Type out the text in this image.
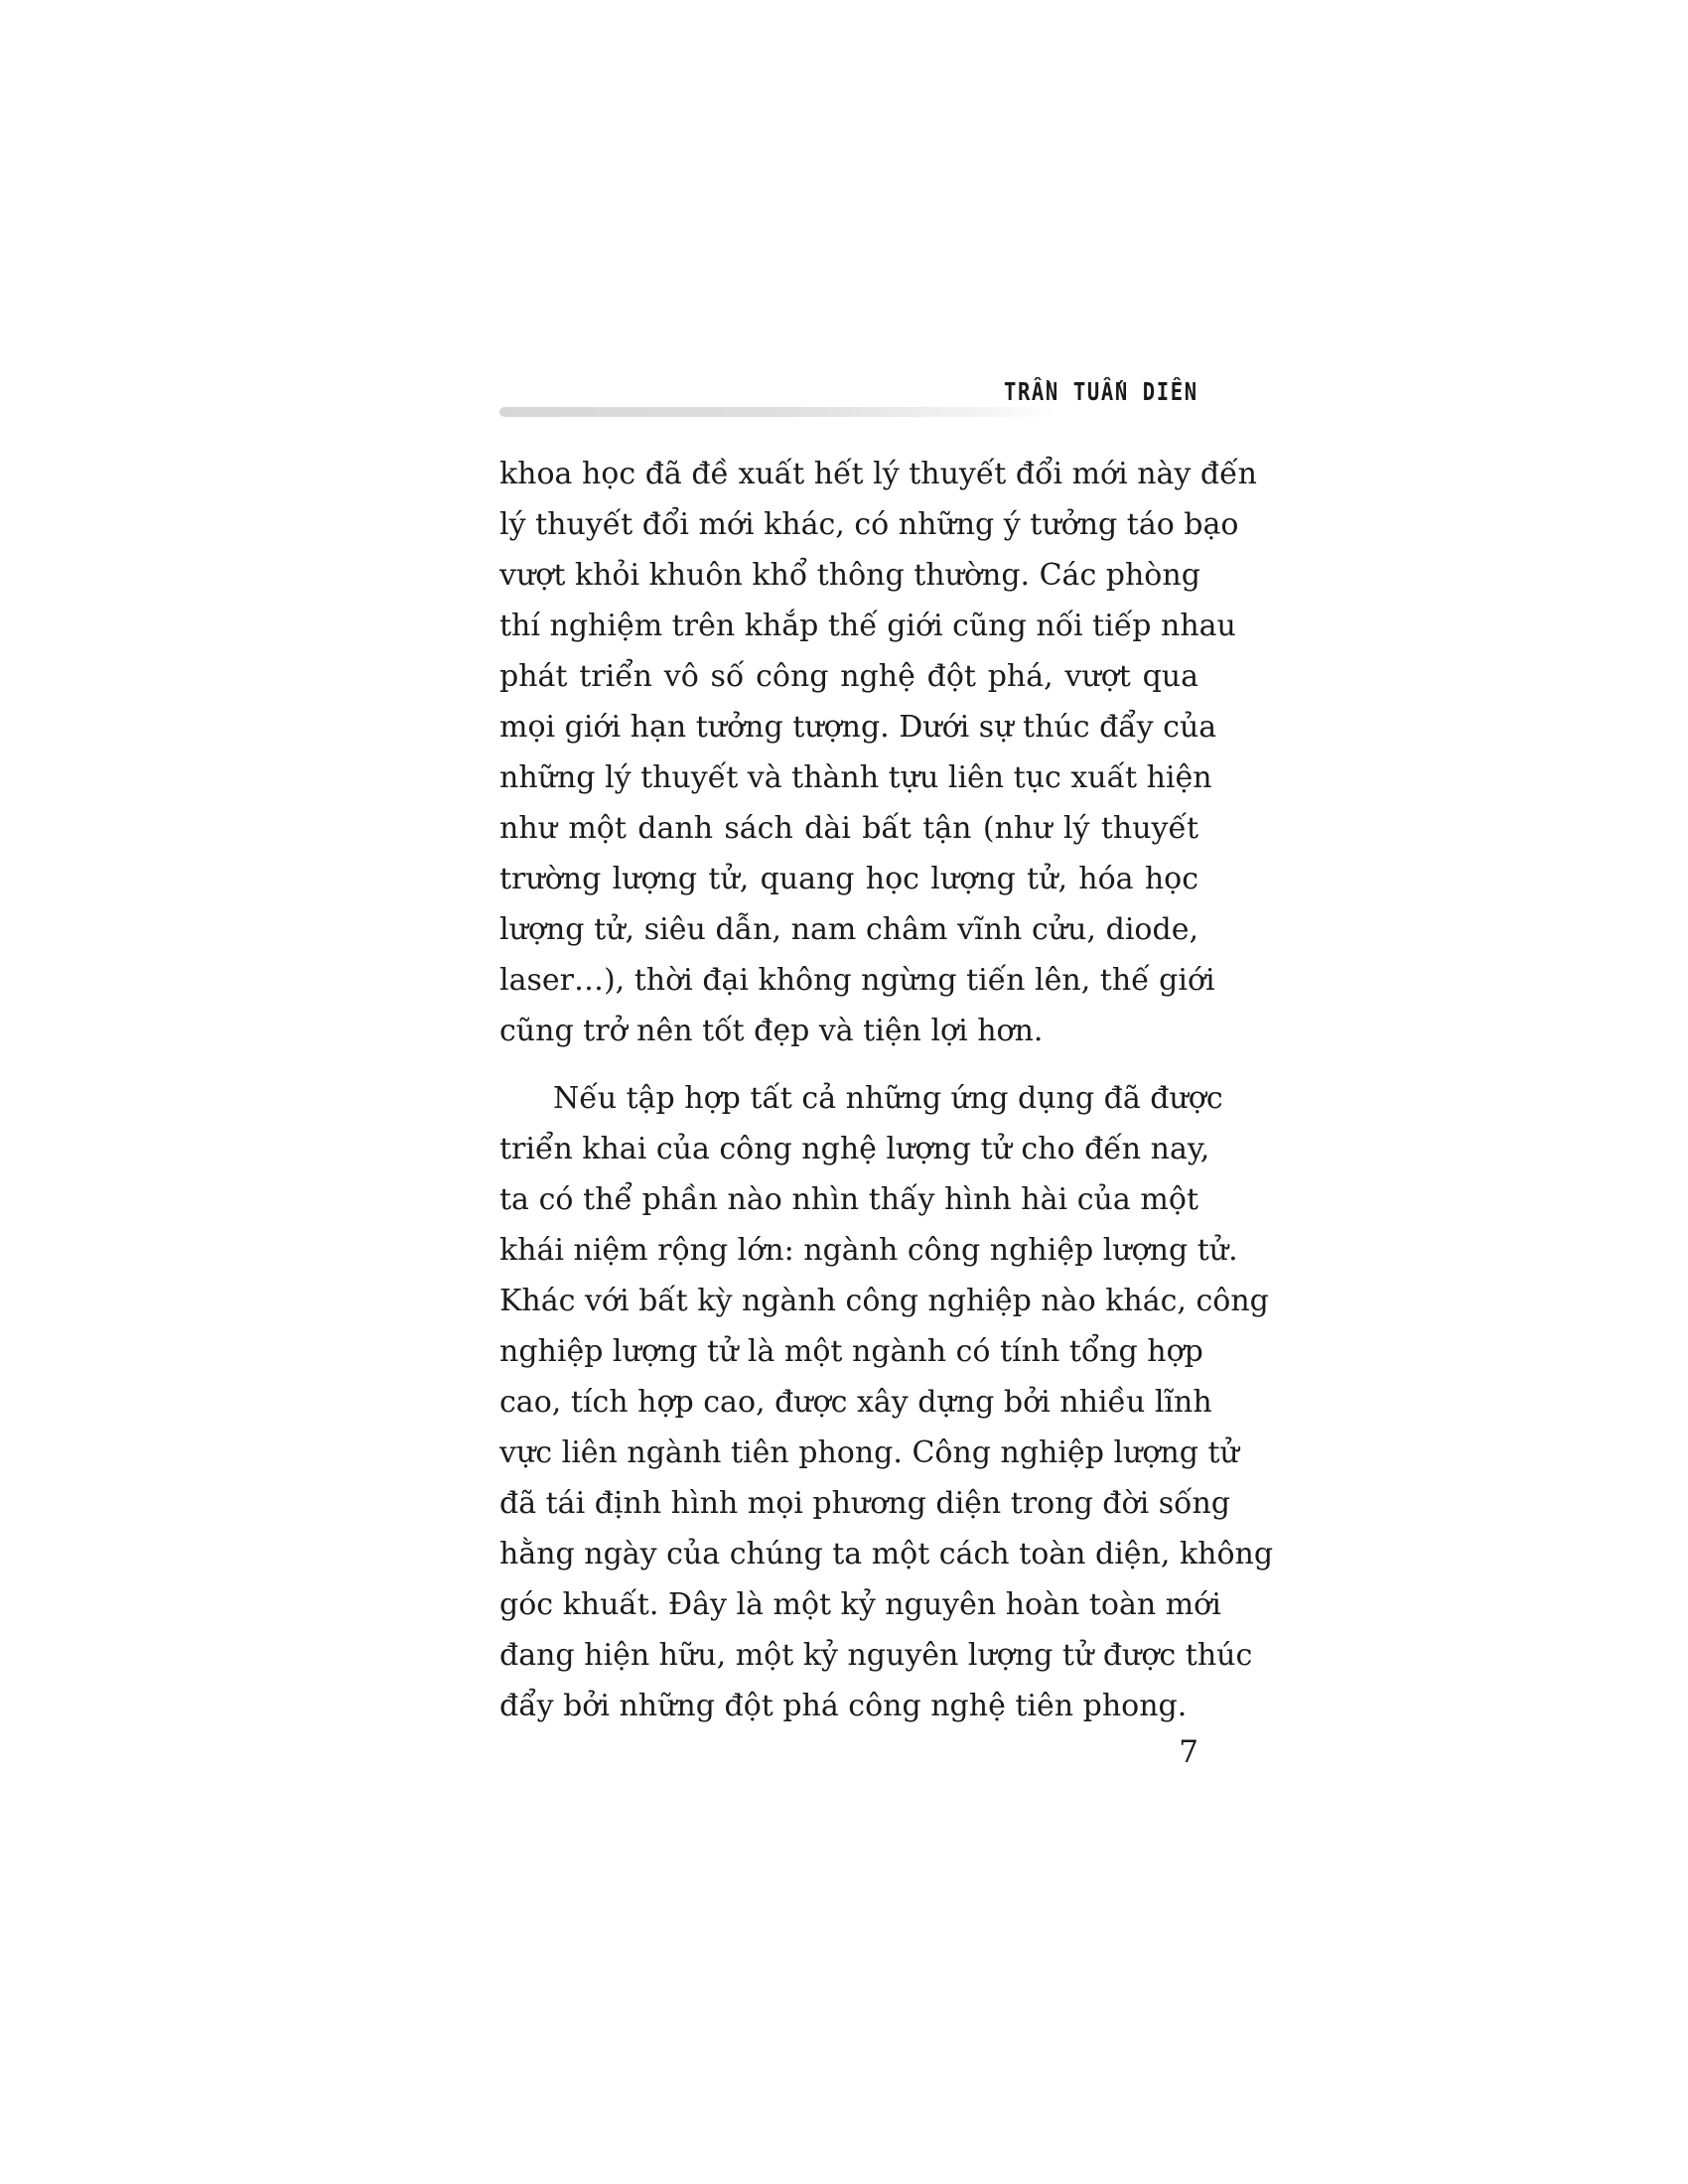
TRẦN TUẤN DIÊN

khoa học đã đề xuất hết lý thuyết đổi mới này đến
lý thuyết đổi mới khác, có những ý tưởng táo bạo
vượt khỏi khuôn khổ thông thường. Các phòng
thí nghiệm trên khắp thế giới cũng nối tiếp nhau
phát triển vô số công nghệ đột phá, vượt qua
mọi giới hạn tưởng tượng. Dưới sự thúc đẩy của
những lý thuyết và thành tựu liên tục xuất hiện
như một danh sách dài bất tận (như lý thuyết
trường lượng tử, quang học lượng tử, hóa học
lượng tử, siêu dẫn, nam châm vĩnh cửu, diode,
laser…), thời đại không ngừng tiến lên, thế giới
cũng trở nên tốt đẹp và tiện lợi hơn.

Nếu tập hợp tất cả những ứng dụng đã được
triển khai của công nghệ lượng tử cho đến nay,
ta có thể phần nào nhìn thấy hình hài của một
khái niệm rộng lớn: ngành công nghiệp lượng tử.
Khác với bất kỳ ngành công nghiệp nào khác, công
nghiệp lượng tử là một ngành có tính tổng hợp
cao, tích hợp cao, được xây dựng bởi nhiều lĩnh
vực liên ngành tiên phong. Công nghiệp lượng tử
đã tái định hình mọi phương diện trong đời sống
hằng ngày của chúng ta một cách toàn diện, không
góc khuất. Đây là một kỷ nguyên hoàn toàn mới
đang hiện hữu, một kỷ nguyên lượng tử được thúc
đẩy bởi những đột phá công nghệ tiên phong.

7
